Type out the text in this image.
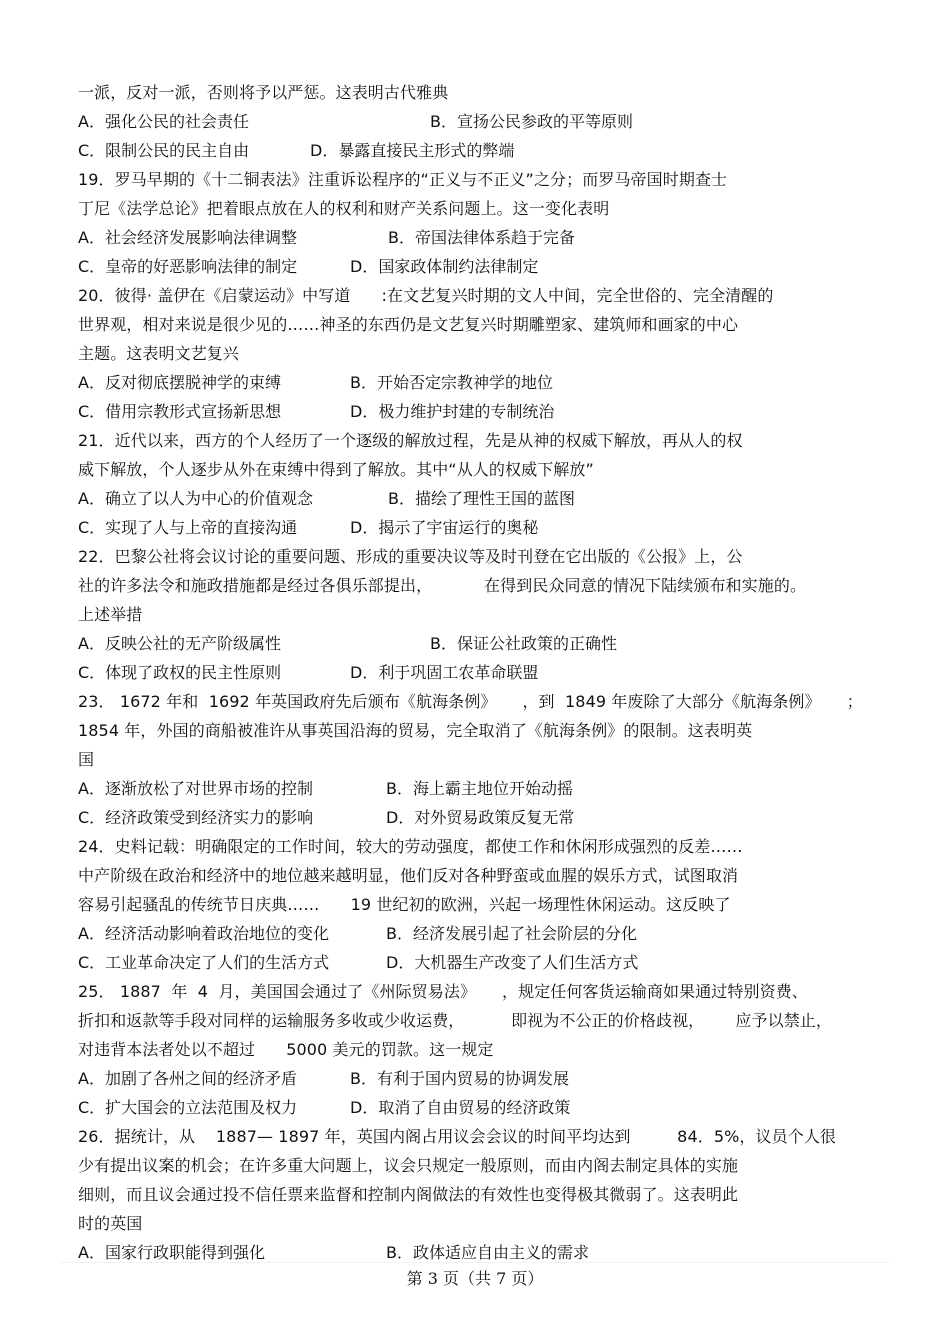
一派，反对一派，否则将予以严惩。这表明古代雅典
A．强化公民的社会责任	B．宣扬公民参政的平等原则
C．限制公民的民主自由	D．暴露直接民主形式的弊端
19．罗马早期的《十二铜表法》注重诉讼程序的“正义与不正义”之分；而罗马帝国时期查士
丁尼《法学总论》把着眼点放在人的权利和财产关系问题上。这一变化表明
A．社会经济发展影响法律调整	B．帝国法律体系趋于完备
C．皇帝的好恶影响法律的制定	D．国家政体制约法律制定
20．彼得· 盖伊在《启蒙运动》中写道      :在文艺复兴时期的文人中间，完全世俗的、完全清醒的
世界观，相对来说是很少见的……神圣的东西仍是文艺复兴时期雕塑家、建筑师和画家的中心
主题。这表明文艺复兴
A．反对彻底摆脱神学的束缚	B．开始否定宗教神学的地位
C．借用宗教形式宣扬新思想	D．极力维护封建的专制统治
21．近代以来，西方的个人经历了一个逐级的解放过程，先是从神的权威下解放，再从人的权
威下解放，个人逐步从外在束缚中得到了解放。其中“从人的权威下解放”
A．确立了以人为中心的价值观念	B．描绘了理性王国的蓝图
C．实现了人与上帝的直接沟通	D．揭示了宇宙运行的奥秘
22．巴黎公社将会议讨论的重要问题、形成的重要决议等及时刊登在它出版的《公报》上，公
社的许多法令和施政措施都是经过各俱乐部提出，          在得到民众同意的情况下陆续颁布和实施的。
上述举措
A．反映公社的无产阶级属性	B．保证公社政策的正确性
C．体现了政权的民主性原则	D．利于巩固工农革命联盟
23． 1672 年和  1692 年英国政府先后颁布《航海条例》     ，到  1849 年废除了大部分《航海条例》     ；
1854 年，外国的商船被准许从事英国沿海的贸易，完全取消了《航海条例》的限制。这表明英
国
A．逐渐放松了对世界市场的控制	B．海上霸主地位开始动摇
C．经济政策受到经济实力的影响	D．对外贸易政策反复无常
24．史料记载：明确限定的工作时间，较大的劳动强度，都使工作和休闲形成强烈的反差……
中产阶级在政治和经济中的地位越来越明显，他们反对各种野蛮或血腥的娱乐方式，试图取消
容易引起骚乱的传统节日庆典……      19 世纪初的欧洲，兴起一场理性休闲运动。这反映了
A．经济活动影响着政治地位的变化	B．经济发展引起了社会阶层的分化
C．工业革命决定了人们的生活方式	D．大机器生产改变了人们生活方式
25． 1887  年  4  月，美国国会通过了《州际贸易法》     ，规定任何客货运输商如果通过特别资费、
折扣和返款等手段对同样的运输服务多收或少收运费，         即视为不公正的价格歧视，      应予以禁止，
对违背本法者处以不超过      5000 美元的罚款。这一规定
A．加剧了各州之间的经济矛盾	B．有利于国内贸易的协调发展
C．扩大国会的立法范围及权力	D．取消了自由贸易的经济政策
26．据统计，从    1887— 1897 年，英国内阁占用议会会议的时间平均达到         84．5%，议员个人很
少有提出议案的机会；在许多重大问题上，议会只规定一般原则，而由内阁去制定具体的实施
细则，而且议会通过投不信任票来监督和控制内阁做法的有效性也变得极其微弱了。这表明此
时的英国
A．国家行政职能得到强化	B．政体适应自由主义的需求
第 3 页（共 7 页）
